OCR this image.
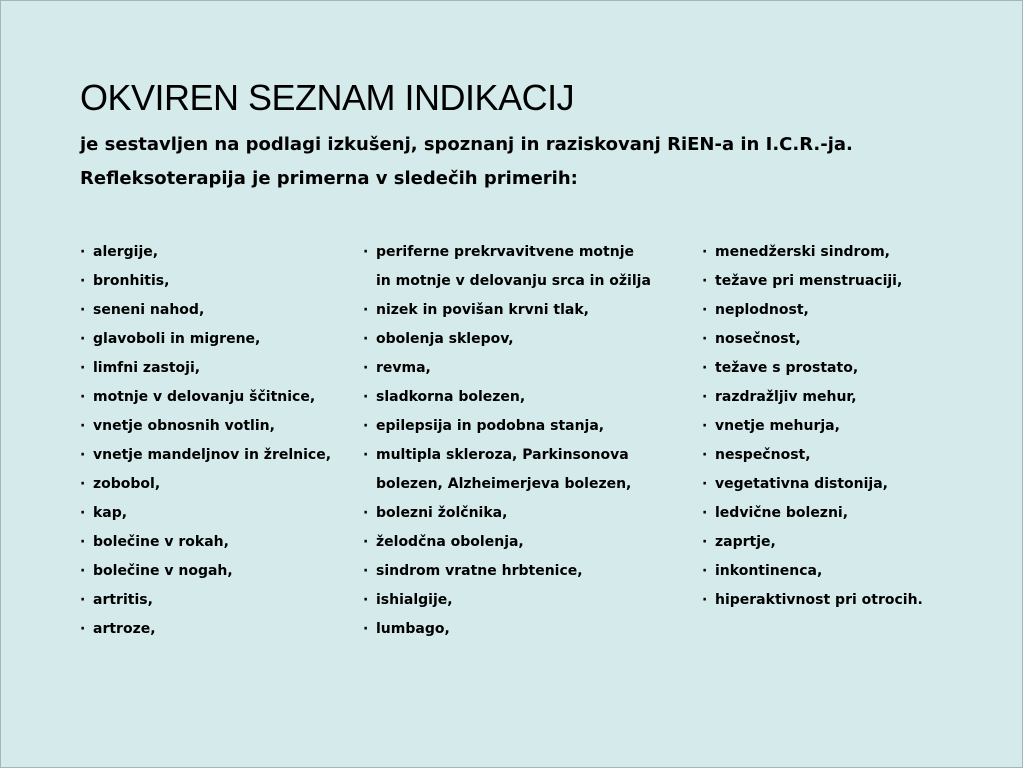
OKVIREN SEZNAM INDIKACIJ
je sestavljen na podlagi izkušenj, spoznanj in raziskovanj RiEN-a in I.C.R.-ja.
Refleksoterapija je primerna v sledečih primerih:
· alergije,
· bronhitis,
· seneni nahod,
· glavoboli in migrene,
· limfni zastoji,
· motnje v delovanju ščitnice,
· vnetje obnosnih votlin,
· vnetje mandeljnov in žrelnice,
· zobobol,
· kap,
· bolečine v rokah,
· bolečine v nogah,
· artritis,
· artroze,
· periferne prekrvavitvene motnje
in motnje v delovanju srca in ožilja
· nizek in povišan krvni tlak,
· obolenja sklepov,
· revma,
· sladkorna bolezen,
· epilepsija in podobna stanja,
· multipla skleroza, Parkinsonova
bolezen, Alzheimerjeva bolezen,
· bolezni žolčnika,
· želodčna obolenja,
· sindrom vratne hrbtenice,
· ishialgije,
· lumbago,
· menedžerski sindrom,
· težave pri menstruaciji,
· neplodnost,
· nosečnost,
· težave s prostato,
· razdražljiv mehur,
· vnetje mehurja,
· nespečnost,
· vegetativna distonija,
· ledvične bolezni,
· zaprtje,
· inkontinenca,
· hiperaktivnost pri otrocih.
